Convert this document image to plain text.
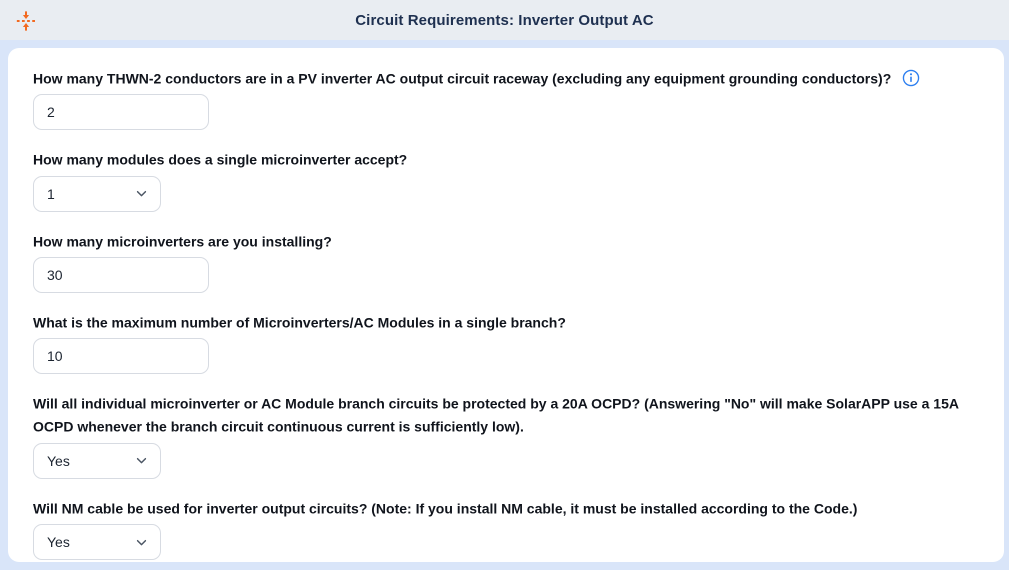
Circuit Requirements: Inverter Output AC
How many THWN-2 conductors are in a PV inverter AC output circuit raceway (excluding any equipment grounding conductors)?
2
How many modules does a single microinverter accept?
1
How many microinverters are you installing?
30
What is the maximum number of Microinverters/AC Modules in a single branch?
10
Will all individual microinverter or AC Module branch circuits be protected by a 20A OCPD? (Answering "No" will make SolarAPP use a 15A OCPD whenever the branch circuit continuous current is sufficiently low).
Yes
Will NM cable be used for inverter output circuits? (Note: If you install NM cable, it must be installed according to the Code.)
Yes
